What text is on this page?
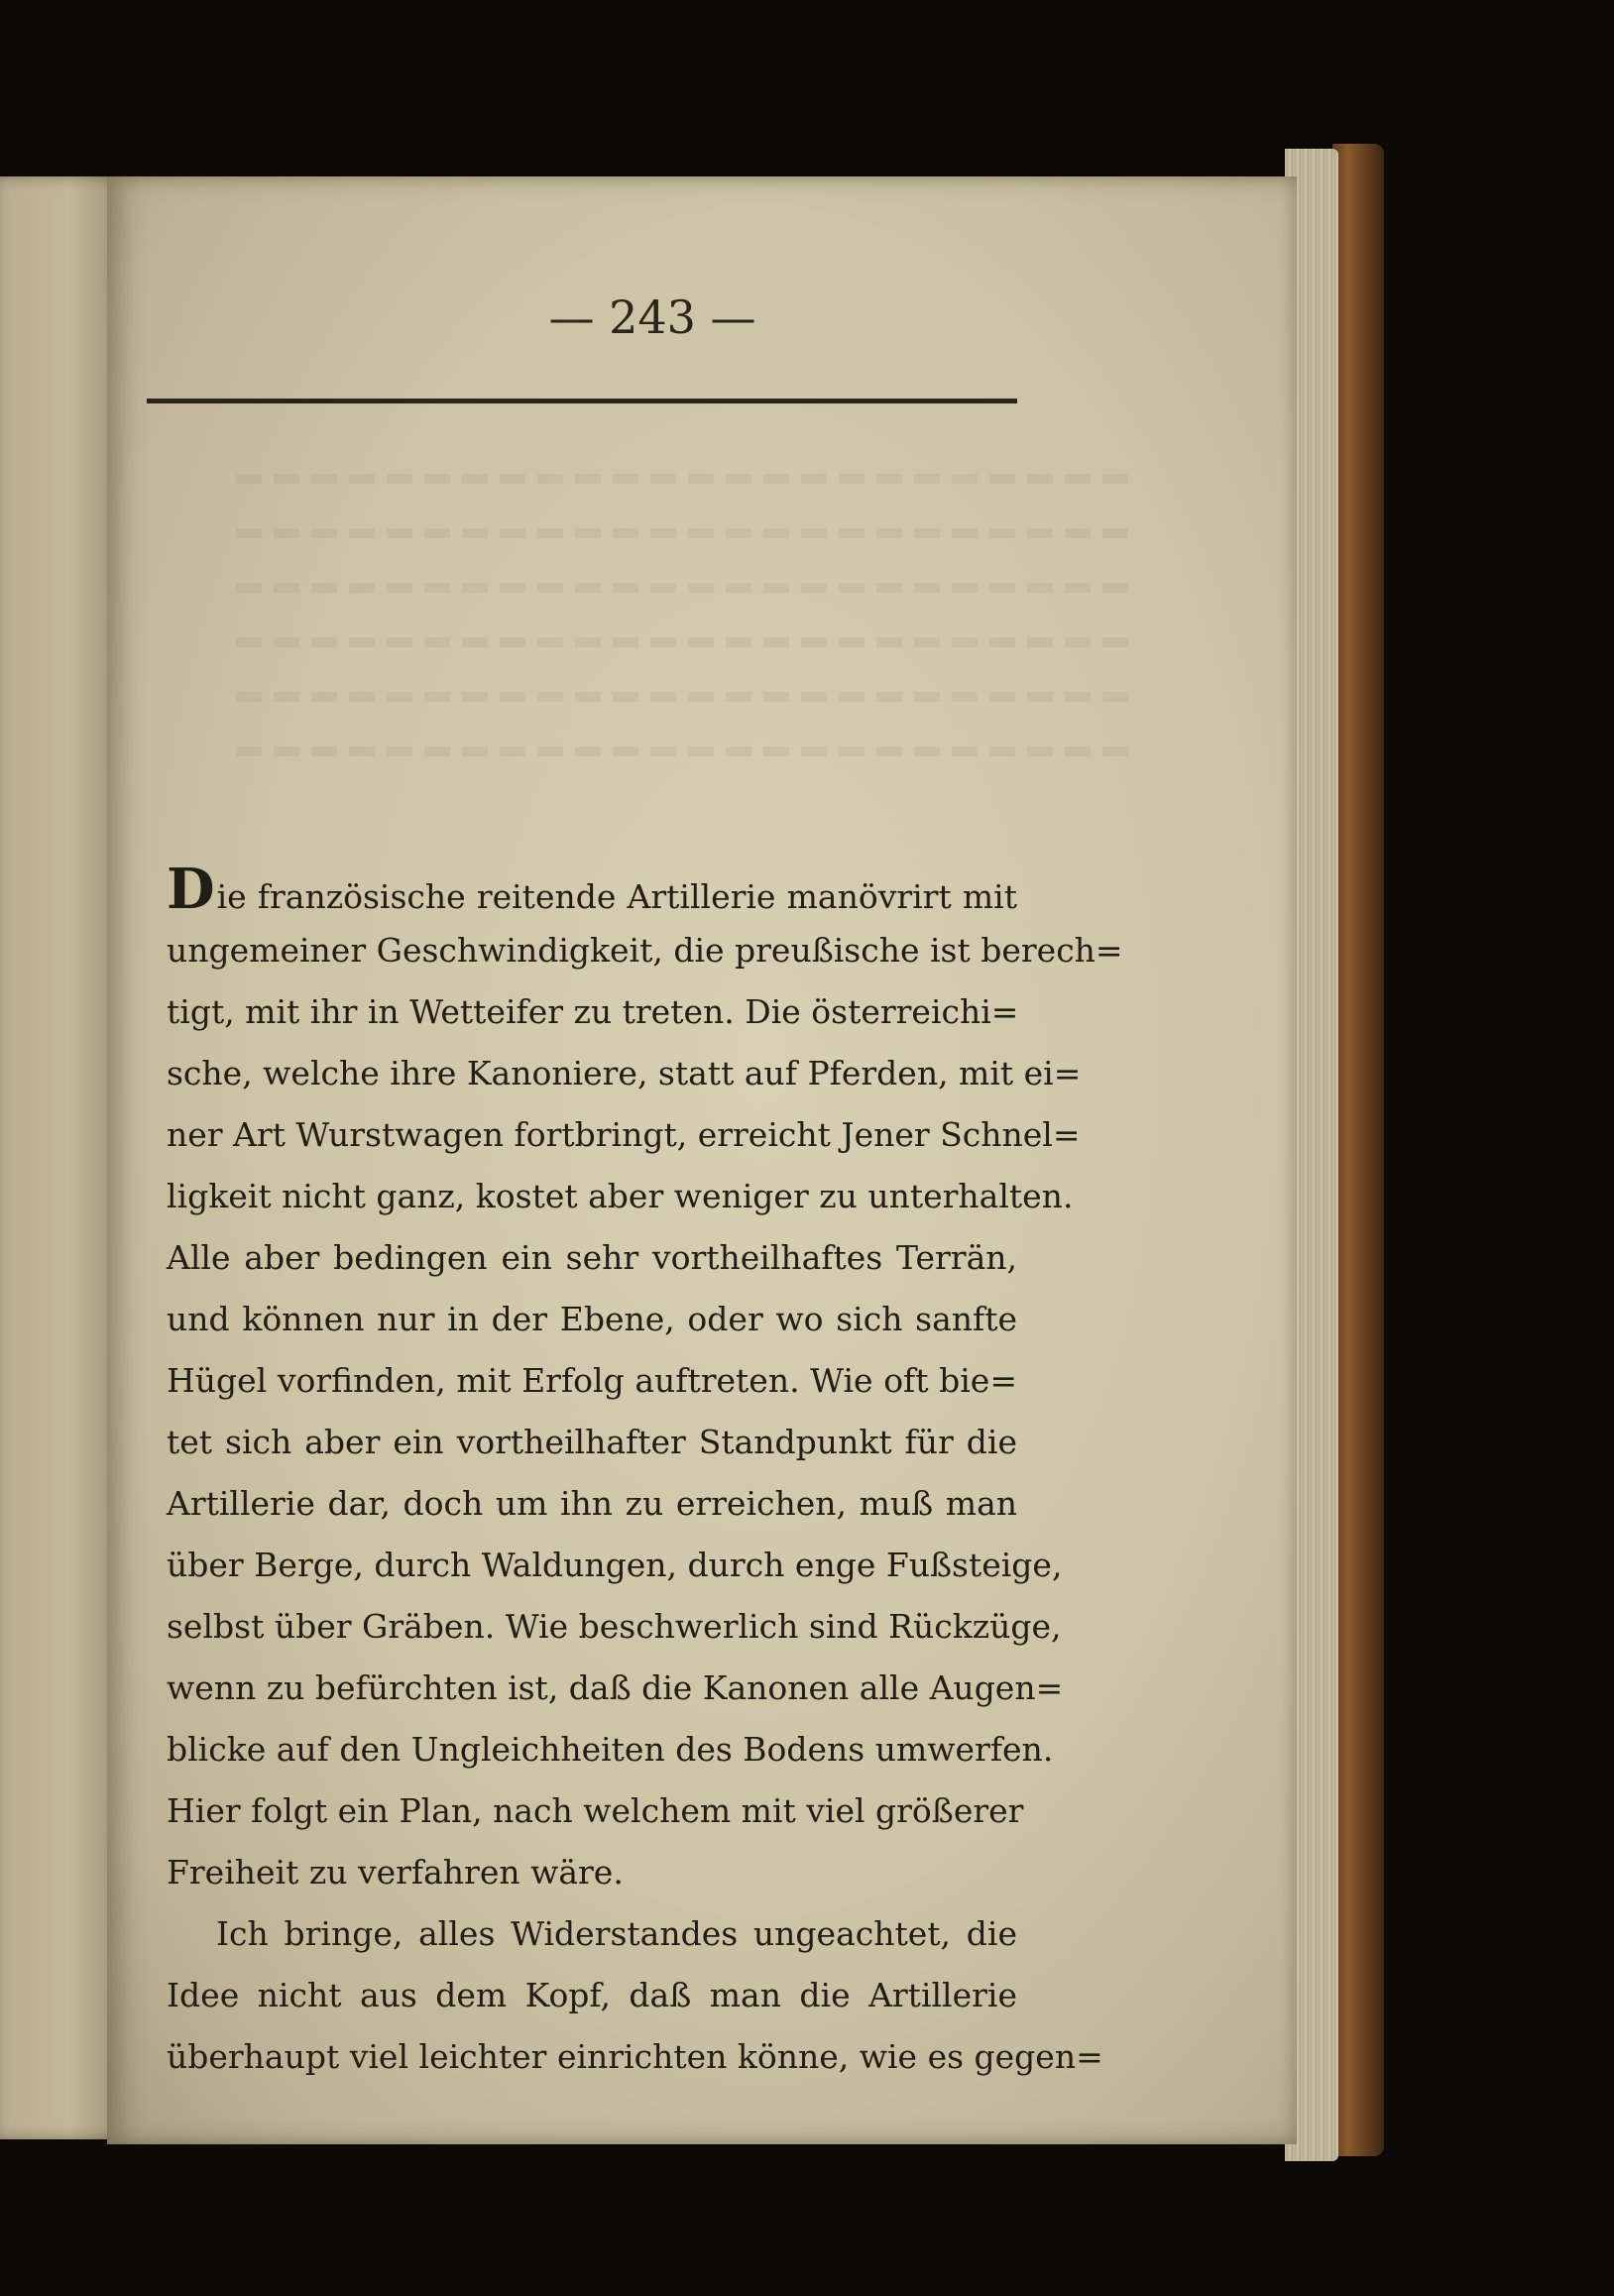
— 243 —
Die französische reitende Artillerie manövrirt mit
ungemeiner Geschwindigkeit, die preußische ist berech=
tigt, mit ihr in Wetteifer zu treten. Die österreichi=
sche, welche ihre Kanoniere, statt auf Pferden, mit ei=
ner Art Wurstwagen fortbringt, erreicht Jener Schnel=
ligkeit nicht ganz, kostet aber weniger zu unterhalten.
Alle aber bedingen ein sehr vortheilhaftes Terrän,
und können nur in der Ebene, oder wo sich sanfte
Hügel vorfinden, mit Erfolg auftreten. Wie oft bie=
tet sich aber ein vortheilhafter Standpunkt für die
Artillerie dar, doch um ihn zu erreichen, muß man
über Berge, durch Waldungen, durch enge Fußsteige,
selbst über Gräben. Wie beschwerlich sind Rückzüge,
wenn zu befürchten ist, daß die Kanonen alle Augen=
blicke auf den Ungleichheiten des Bodens umwerfen.
Hier folgt ein Plan, nach welchem mit viel größerer
Freiheit zu verfahren wäre.
Ich bringe, alles Widerstandes ungeachtet, die
Idee nicht aus dem Kopf, daß man die Artillerie
überhaupt viel leichter einrichten könne, wie es gegen=
